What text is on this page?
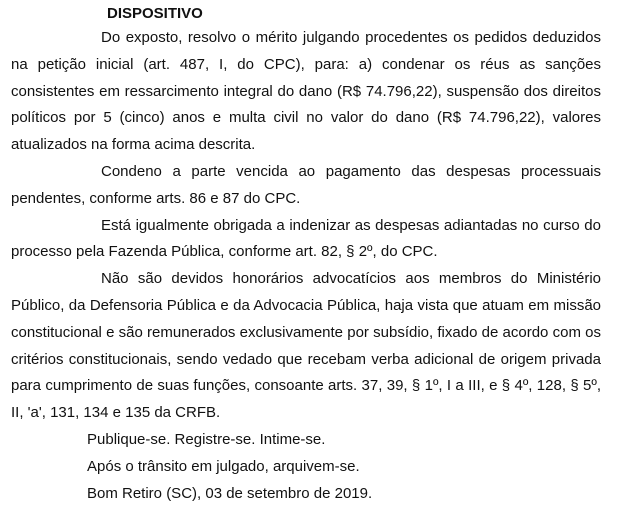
DISPOSITIVO

Do exposto, resolvo o mérito julgando procedentes os pedidos deduzidos na petição inicial (art. 487, I, do CPC), para: a) condenar os réus as sanções consistentes em ressarcimento integral do dano (R$ 74.796,22), suspensão dos direitos políticos por 5 (cinco) anos e multa civil no valor do dano (R$ 74.796,22), valores atualizados na forma acima descrita.

Condeno a parte vencida ao pagamento das despesas processuais pendentes, conforme arts. 86 e 87 do CPC.

Está igualmente obrigada a indenizar as despesas adiantadas no curso do processo pela Fazenda Pública, conforme art. 82, § 2º, do CPC.

Não são devidos honorários advocatícios aos membros do Ministério Público, da Defensoria Pública e da Advocacia Pública, haja vista que atuam em missão constitucional e são remunerados exclusivamente por subsídio, fixado de acordo com os critérios constitucionais, sendo vedado que recebam verba adicional de origem privada para cumprimento de suas funções, consoante arts. 37, 39, § 1º, I a III, e § 4º, 128, § 5º, II, 'a', 131, 134 e 135 da CRFB.

Publique-se. Registre-se. Intime-se.

Após o trânsito em julgado, arquivem-se.

Bom Retiro (SC), 03 de setembro de 2019.
